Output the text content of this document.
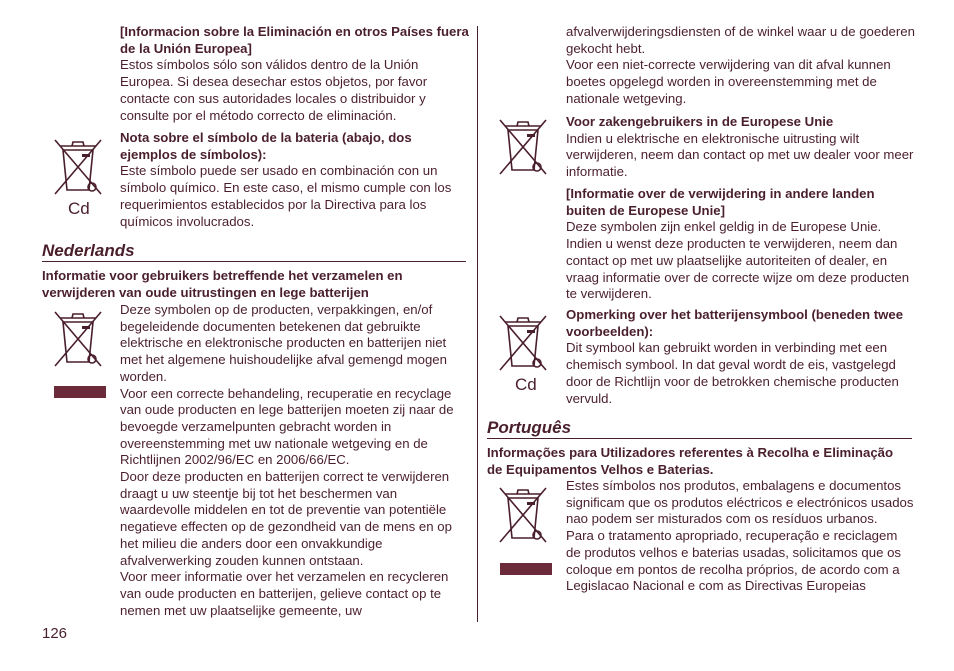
[Informacion sobre la Eliminación en otros Países fuera de la Unión Europea]

Estos símbolos sólo son válidos dentro de la Unión Europea. Si desea desechar estos objetos, por favor contacte con sus autoridades locales o distribuidor y consulte por el método correcto de eliminación.

Cd

Nota sobre el símbolo de la bateria (abajo, dos ejemplos de símbolos):

Este símbolo puede ser usado en combinación con un símbolo químico. En este caso, el mismo cumple con los requerimientos establecidos por la Directiva para los químicos involucrados.

Nederlands

Informatie voor gebruikers betreffende het verzamelen en verwijderen van oude uitrustingen en lege batterijen

Deze symbolen op de producten, verpakkingen, en/of begeleidende documenten betekenen dat gebruikte elektrische en elektronische producten en batterijen niet met het algemene huishoudelijke afval gemengd mogen worden.

Voor een correcte behandeling, recuperatie en recyclage van oude producten en lege batterijen moeten zij naar de bevoegde verzamelpunten gebracht worden in overeenstemming met uw nationale wetgeving en de Richtlijnen 2002/96/EC en 2006/66/EC.

Door deze producten en batterijen correct te verwijderen draagt u uw steentje bij tot het beschermen van waardevolle middelen en tot de preventie van potentiële negatieve effecten op de gezondheid van de mens en op het milieu die anders door een onvakkundige afvalverwerking zouden kunnen ontstaan.

Voor meer informatie over het verzamelen en recycleren van oude producten en batterijen, gelieve contact op te nemen met uw plaatselijke gemeente, uw

afvalverwijderingsdiensten of de winkel waar u de goederen gekocht hebt.

Voor een niet-correcte verwijdering van dit afval kunnen boetes opgelegd worden in overeenstemming met de nationale wetgeving.

Voor zakengebruikers in de Europese Unie

Indien u elektrische en elektronische uitrusting wilt verwijderen, neem dan contact op met uw dealer voor meer informatie.

[Informatie over de verwijdering in andere landen buiten de Europese Unie]

Deze symbolen zijn enkel geldig in de Europese Unie. Indien u wenst deze producten te verwijderen, neem dan contact op met uw plaatselijke autoriteiten of dealer, en vraag informatie over de correcte wijze om deze producten te verwijderen.

Cd

Opmerking over het batterijensymbool (beneden twee voorbeelden):

Dit symbool kan gebruikt worden in verbinding met een chemisch symbool. In dat geval wordt de eis, vastgelegd door de Richtlijn voor de betrokken chemische producten vervuld.

Português

Informações para Utilizadores referentes à Recolha e Eliminação de Equipamentos Velhos e Baterias.

Estes símbolos nos produtos, embalagens e documentos significam que os produtos eléctricos e electrónicos usados nao podem ser misturados com os resíduos urbanos.

Para o tratamento apropriado, recuperação e reciclagem de produtos velhos e baterias usadas, solicitamos que os coloque em pontos de recolha próprios, de acordo com a Legislacao Nacional e com as Directivas Europeias

126
